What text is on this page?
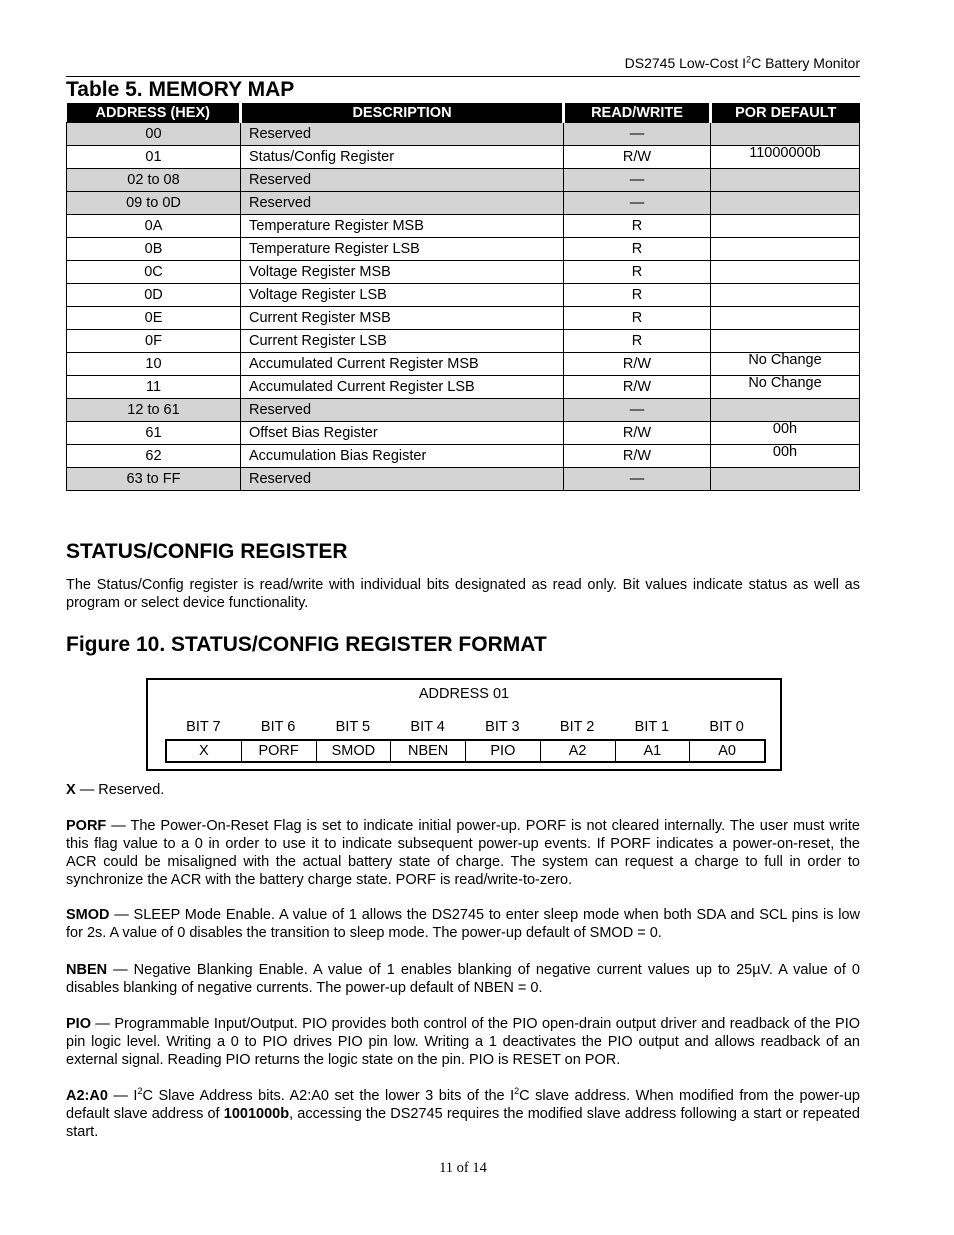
DS2745 Low-Cost $I^2C$ Battery Monitor
Table 5. MEMORY MAP
ADDRESS (HEX)	DESCRIPTION	READ/WRITE	POR DEFAULT
00	Reserved	—	
01	Status/Config Register	R/W	11000000b
02 to 08	Reserved	—	
09 to 0D	Reserved	—	
0A	Temperature Register MSB	R	
0B	Temperature Register LSB	R	
0C	Voltage Register MSB	R	
0D	Voltage Register LSB	R	
0E	Current Register MSB	R	
0F	Current Register LSB	R	
10	Accumulated Current Register MSB	R/W	No Change
11	Accumulated Current Register LSB	R/W	No Change
12 to 61	Reserved	—	
61	Offset Bias Register	R/W	00h
62	Accumulation Bias Register	R/W	00h
63 to FF	Reserved	—	
STATUS/CONFIG REGISTER

The Status/Config register is read/write with individual bits designated as read only. Bit values indicate status as well as program or select device functionality.

Figure 10. STATUS/CONFIG REGISTER FORMAT
ADDRESS 01
BIT 7	BIT 6	BIT 5	BIT 4	BIT 3	BIT 2	BIT 1	BIT 0
X	PORF	SMOD	NBEN	PIO	A2	A1	A0

X — Reserved.

PORF — The Power-On-Reset Flag is set to indicate initial power-up. PORF is not cleared internally. The user must write this flag value to a 0 in order to use it to indicate subsequent power-up events. If PORF indicates a power-on-reset, the ACR could be misaligned with the actual battery state of charge. The system can request a charge to full in order to synchronize the ACR with the battery charge state. PORF is read/write-to-zero.

SMOD — SLEEP Mode Enable. A value of 1 allows the DS2745 to enter sleep mode when both SDA and SCL pins is low for 2s. A value of 0 disables the transition to sleep mode. The power-up default of SMOD = 0.

NBEN — Negative Blanking Enable. A value of 1 enables blanking of negative current values up to 25µV. A value of 0 disables blanking of negative currents. The power-up default of NBEN = 0.

PIO — Programmable Input/Output. PIO provides both control of the PIO open-drain output driver and readback of the PIO pin logic level. Writing a 0 to PIO drives PIO pin low. Writing a 1 deactivates the PIO output and allows readback of an external signal. Reading PIO returns the logic state on the pin. PIO is RESET on POR.

A2:A0 — $I^2C$ Slave Address bits. A2:A0 set the lower 3 bits of the $I^2C$ slave address. When modified from the power-up default slave address of 1001000b, accessing the DS2745 requires the modified slave address following a start or repeated start.

11 of 14
